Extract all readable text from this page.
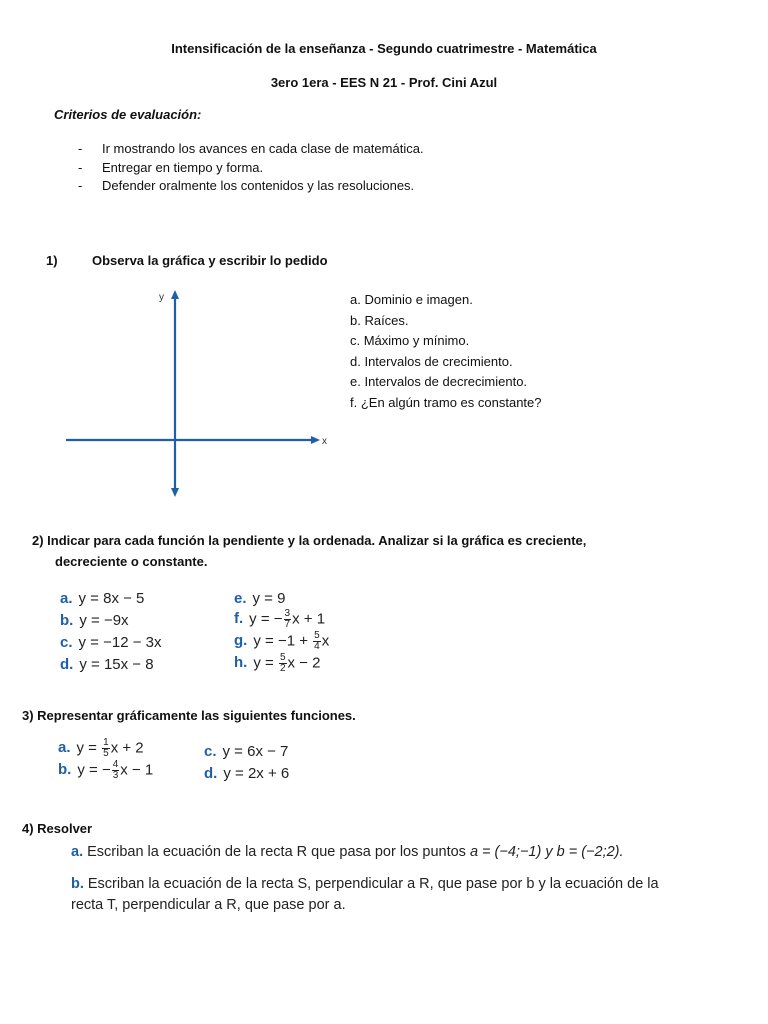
Intensificación de la enseñanza - Segundo cuatrimestre - Matemática
3ero 1era - EES N 21 - Prof. Cini Azul
Criterios de evaluación:
- Ir mostrando los avances en cada clase de matemática.
- Entregar en tiempo y forma.
- Defender oralmente los contenidos y las resoluciones.
1)	Observa la gráfica y escribir lo pedido
x
y	a. Dominio e imagen.
b. Raíces.
c. Máximo y mínimo.
d. Intervalos de crecimiento.
e. Intervalos de decrecimiento.
f. ¿En algún tramo es constante?
2) Indicar para cada función la pendiente y la ordenada. Analizar si la gráfica es creciente,
decreciente o constante.
a. y = 8x − 5
b. y = −9x
c. y = −12 − 3x
d. y = 15x − 8
e. y = 9
f. y = − $\frac{3}{7}$ x + 1
g. $y = -1 + \frac{5}{4}$ x
h. $y = \frac{5}{2}$ x − 2
3) Representar gráficamente las siguientes funciones.
a. $y = \frac{1}{5}$ x + 2
b. y = − $\frac{4}{3}$ x − 1
c. y = 6x − 7
d. y = 2x + 6
4) Resolver
a. Escriban la ecuación de la recta R que pasa por los puntos a = (−4;−1) y b = (−2;2).
b. Escriban la ecuación de la recta S, perpendicular a R, que pase por b y la ecuación de la
recta T, perpendicular a R, que pase por a.
